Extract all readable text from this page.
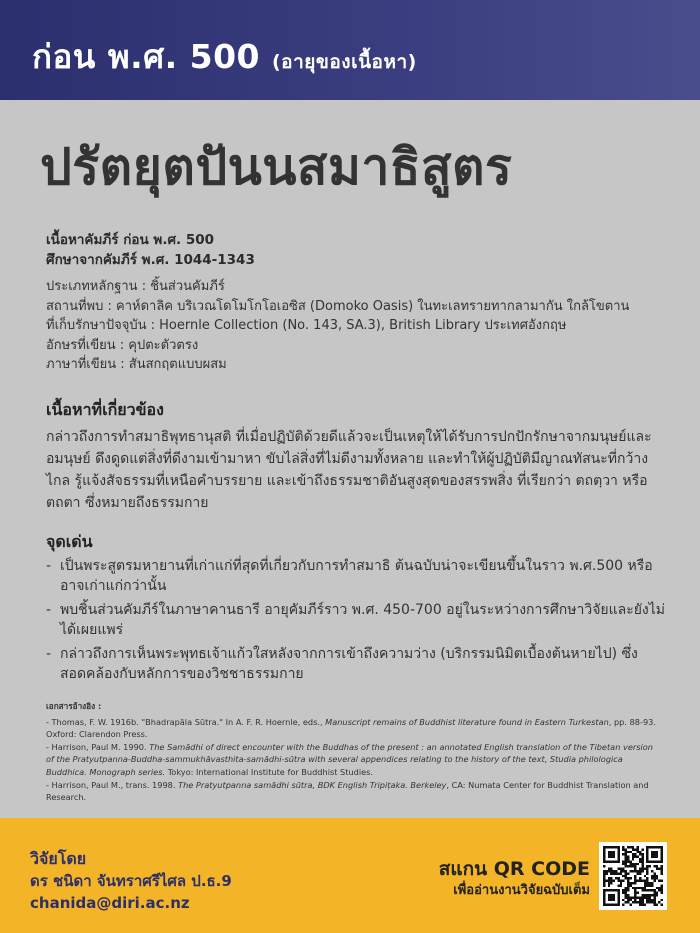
ก่อน พ.ศ. 500 (อายุของเนื้อหา)
ปรัตยุตปันนสมาธิสูตร
เนื้อหาคัมภีร์ ก่อน พ.ศ. 500
ศึกษาจากคัมภีร์ พ.ศ. 1044-1343
ประเภทหลักฐาน : ชิ้นส่วนคัมภีร์
สถานที่พบ : คาห์ดาลิค บริเวณโดโมโกโอเอซิส (Domoko Oasis) ในทะเลทรายทากลามากัน ใกล้โขตาน
ที่เก็บรักษาปัจจุบัน : Hoernle Collection (No. 143, SA.3), British Library ประเทศอังกฤษ
อักษรที่เขียน : คุปตะตัวตรง
ภาษาที่เขียน : สันสกฤตแบบผสม
เนื้อหาที่เกี่ยวข้อง
กล่าวถึงการทำสมาธิพุทธานุสติ ที่เมื่อปฏิบัติด้วยดีแล้วจะเป็นเหตุให้ได้รับการปกปักรักษาจากมนุษย์และอมนุษย์ ดึงดูดแต่สิ่งที่ดีงามเข้ามาหา ขับไล่สิ่งที่ไม่ดีงามทั้งหลาย และทำให้ผู้ปฏิบัติมีญาณทัสนะที่กว้างไกล รู้แจ้งสัจธรรมที่เหนือคำบรรยาย และเข้าถึงธรรมชาติอันสูงสุดของสรรพสิ่ง ที่เรียกว่า ตถตฺวา หรือ ตถตา ซึ่งหมายถึงธรรมกาย
จุดเด่น
- เป็นพระสูตรมหายานที่เก่าแก่ที่สุดที่เกี่ยวกับการทำสมาธิ ต้นฉบับน่าจะเขียนขึ้นในราว พ.ศ.500 หรืออาจเก่าแก่กว่านั้น
- พบชิ้นส่วนคัมภีร์ในภาษาคานธารี อายุคัมภีร์ราว พ.ศ. 450-700 อยู่ในระหว่างการศึกษาวิจัยและยังไม่ได้เผยแพร่
- กล่าวถึงการเห็นพระพุทธเจ้าแก้วใสหลังจากการเข้าถึงความว่าง (บริกรรมนิมิตเบื้องต้นหายไป) ซึ่งสอดคล้องกับหลักการของวิชชาธรรมกาย
เอกสารอ้างอิง :
- Thomas, F. W. 1916b. "Bhadrapāla Sūtra." In A. F. R. Hoernle, eds., Manuscript remains of Buddhist literature found in Eastern Turkestan, pp. 88-93. Oxford: Clarendon Press.
- Harrison, Paul M. 1990. The Samādhi of direct encounter with the Buddhas of the present : an annotated English translation of the Tibetan version of the Pratyutpanna-Buddha-sammukhāvasthita-samādhi-sūtra with several appendices relating to the history of the text, Studia philologica Buddhica. Monograph series. Tokyo: International Institute for Buddhist Studies.
- Harrison, Paul M., trans. 1998. The Pratyutpanna samādhi sūtra, BDK English Tripiṭaka. Berkeley, CA: Numata Center for Buddhist Translation and Research.
วิจัยโดย
ดร ชนิดา จันทราศรีไศล ป.ธ.9
chanida@diri.ac.nz
สแกน QR CODE
เพื่ออ่านงานวิจัยฉบับเต็ม
